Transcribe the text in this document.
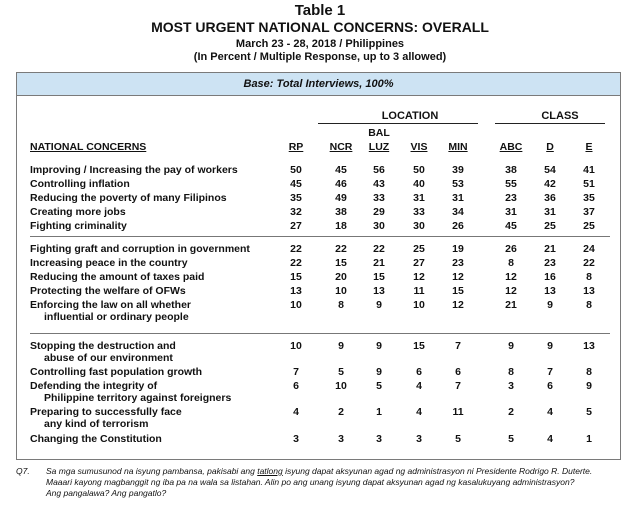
Table 1
MOST URGENT NATIONAL CONCERNS: OVERALL
March 23 - 28, 2018 / Philippines
(In Percent / Multiple Response, up to 3 allowed)
Base: Total Interviews, 100%
LOCATION	CLASS
BAL
NATIONAL CONCERNS	RP	NCR	LUZ	VIS	MIN	ABC	D	E
Improving / Increasing the pay of workers	50	45	56	50	39	38	54	41
Controlling inflation	45	46	43	40	53	55	42	51
Reducing the poverty of many Filipinos	35	49	33	31	31	23	36	35
Creating more jobs	32	38	29	33	34	31	31	37
Fighting criminality	27	18	30	30	26	45	25	25
Fighting graft and corruption in government	22	22	22	25	19	26	21	24
Increasing peace in the country	22	15	21	27	23	8	23	22
Reducing the amount of taxes paid	15	20	15	12	12	12	16	8
Protecting the welfare of OFWs	13	10	13	11	15	12	13	13
Enforcing the law on all whether
influential or ordinary people
10	8	9	10	12	21	9	8
Stopping the destruction and
abuse of our environment
10	9	9	15	7	9	9	13
Controlling fast population growth	7	5	9	6	6	8	7	8
Defending the integrity of
Philippine territory against foreigners
6	10	5	4	7	3	6	9
Preparing to successfully face
any kind of terrorism
4	2	1	4	11	2	4	5
Changing the Constitution	3	3	3	3	5	5	4	1
Q7. Sa mga sumusunod na isyung pambansa, pakisabi ang tatlong isyung dapat aksyunan agad ng administrasyon ni Presidente Rodrigo R. Duterte.
Maaari kayong magbanggit ng iba pa na wala sa listahan. Alin po ang unang isyung dapat aksyunan agad ng kasalukuyang administrasyon?
Ang pangalawa? Ang pangatlo?
